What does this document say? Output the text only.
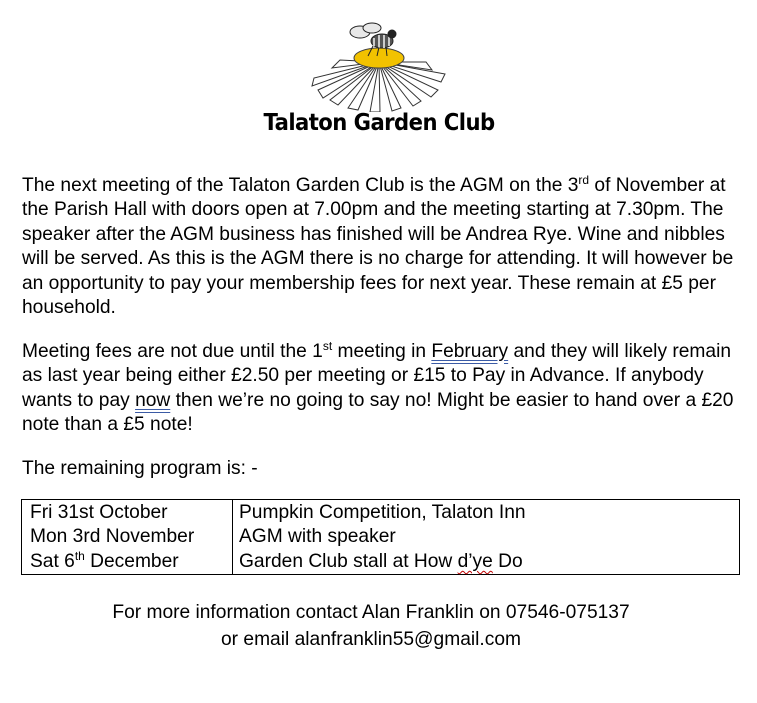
Talaton Garden Club

The next meeting of the Talaton Garden Club is the AGM on the 3rd of November at the Parish Hall with doors open at 7.00pm and the meeting starting at 7.30pm. The speaker after the AGM business has finished will be Andrea Rye. Wine and nibbles will be served. As this is the AGM there is no charge for attending. It will however be an opportunity to pay your membership fees for next year. These remain at £5 per household.

Meeting fees are not due until the 1st meeting in February and they will likely remain as last year being either £2.50 per meeting or £15 to Pay in Advance. If anybody wants to pay now then we’re no going to say no! Might be easier to hand over a £20 note than a £5 note!

The remaining program is: -

Fri 31st October	Pumpkin Competition, Talaton Inn
Mon 3rd November	AGM with speaker
Sat 6th December	Garden Club stall at How d’ye Do
For more information contact Alan Franklin on 07546-075137
or email alanfranklin55@gmail.com
